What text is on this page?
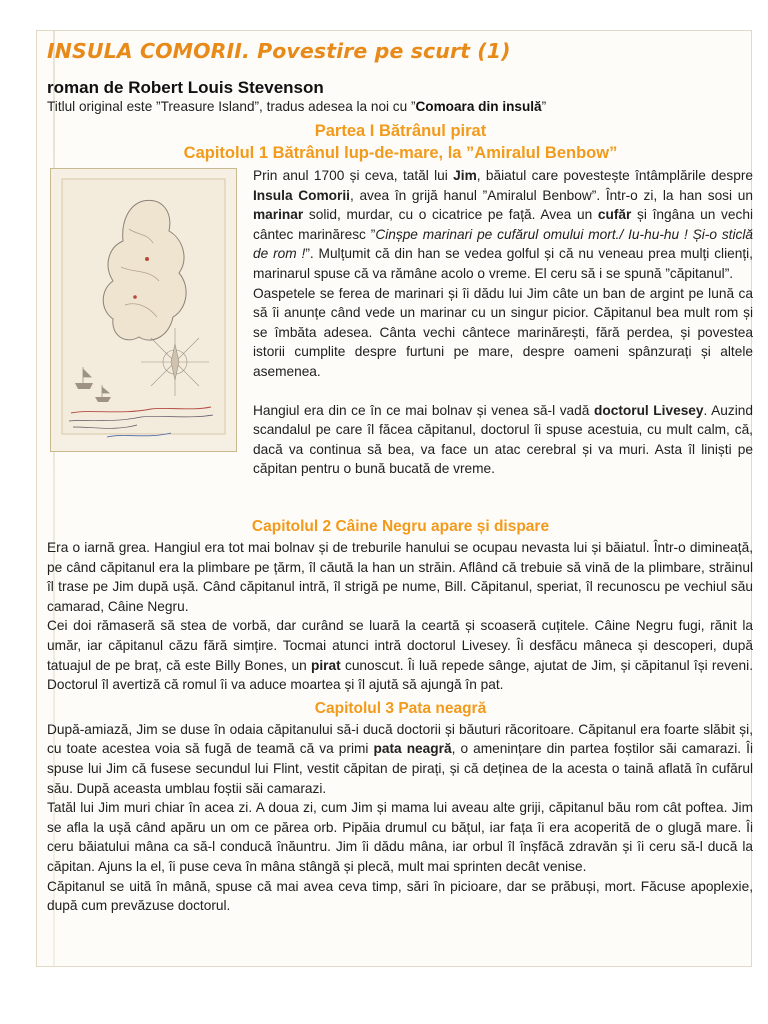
INSULA COMORII. Povestire pe scurt (1)
roman de Robert Louis Stevenson
Titlul original este ”Treasure Island”, tradus adesea la noi cu ”Comoara din insulă”
Partea I Bătrânul pirat
Capitolul 1 Bătrânul lup-de-mare, la ”Amiralul Benbow”

Prin anul 1700 și ceva, tatăl lui Jim, băiatul care povestește întâmplările despre Insula Comorii, avea în grijă hanul ”Amiralul Benbow”. Într-o zi, la han sosi un marinar solid, murdar, cu o cicatrice pe față. Avea un cufăr și îngâna un vechi cântec marinăresc ”Cinșpe marinari pe cufărul omului mort./ Iu-hu-hu ! Și-o sticlă de rom !”. Mulțumit că din han se vedea golful și că nu veneau prea mulți clienți, marinarul spuse că va rămâne acolo o vreme. El ceru să i se spună ”căpitanul”.

Oaspetele se ferea de marinari și îi dădu lui Jim câte un ban de argint pe lună ca să îi anunțe când vede un marinar cu un singur picior. Căpitanul bea mult rom și se îmbăta adesea. Cânta vechi cântece marinărești, fără perdea, și povestea istorii cumplite despre furtuni pe mare, despre oameni spânzurați și altele asemenea.

Hangiul era din ce în ce mai bolnav și venea să-l vadă doctorul Livesey. Auzind scandalul pe care îl făcea căpitanul, doctorul îi spuse acestuia, cu mult calm, că, dacă va continua să bea, va face un atac cerebral și va muri. Asta îl liniști pe căpitan pentru o bună bucată de vreme.

Capitolul 2 Câine Negru apare și dispare

Era o iarnă grea. Hangiul era tot mai bolnav și de treburile hanului se ocupau nevasta lui și băiatul. Într-o dimineață, pe când căpitanul era la plimbare pe țărm, îl căută la han un străin. Aflând că trebuie să vină de la plimbare, străinul îl trase pe Jim după ușă. Când căpitanul intră, îl strigă pe nume, Bill. Căpitanul, speriat, îl recunoscu pe vechiul său camarad, Câine Negru.

Cei doi rămaseră să stea de vorbă, dar curând se luară la ceartă și scoaseră cuțitele. Câine Negru fugi, rănit la umăr, iar căpitanul căzu fără simțire. Tocmai atunci intră doctorul Livesey. Îi desfăcu mâneca și descoperi, după tatuajul de pe braț, că este Billy Bones, un pirat cunoscut. Îi luă repede sânge, ajutat de Jim, și căpitanul își reveni. Doctorul îl avertiză că romul îi va aduce moartea și îl ajută să ajungă în pat.

Capitolul 3 Pata neagră

După-amiază, Jim se duse în odaia căpitanului să-i ducă doctorii și băuturi răcoritoare. Căpitanul era foarte slăbit și, cu toate acestea voia să fugă de teamă că va primi pata neagră, o amenințare din partea foștilor săi camarazi. Îi spuse lui Jim că fusese secundul lui Flint, vestit căpitan de pirați, și că deținea de la acesta o taină aflată în cufărul său. După aceasta umblau foștii săi camarazi.

Tatăl lui Jim muri chiar în acea zi. A doua zi, cum Jim și mama lui aveau alte griji, căpitanul bău rom cât poftea. Jim se afla la ușă când apăru un om ce părea orb. Pipăia drumul cu bățul, iar fața îi era acoperită de o glugă mare. Îi ceru băiatului mâna ca să-l conducă înăuntru. Jim îi dădu mâna, iar orbul îl înșfăcă zdravăn și îi ceru să-l ducă la căpitan. Ajuns la el, îi puse ceva în mâna stângă și plecă, mult mai sprinten decât venise.

Căpitanul se uită în mână, spuse că mai avea ceva timp, sări în picioare, dar se prăbuși, mort. Făcuse apoplexie, după cum prevăzuse doctorul.
